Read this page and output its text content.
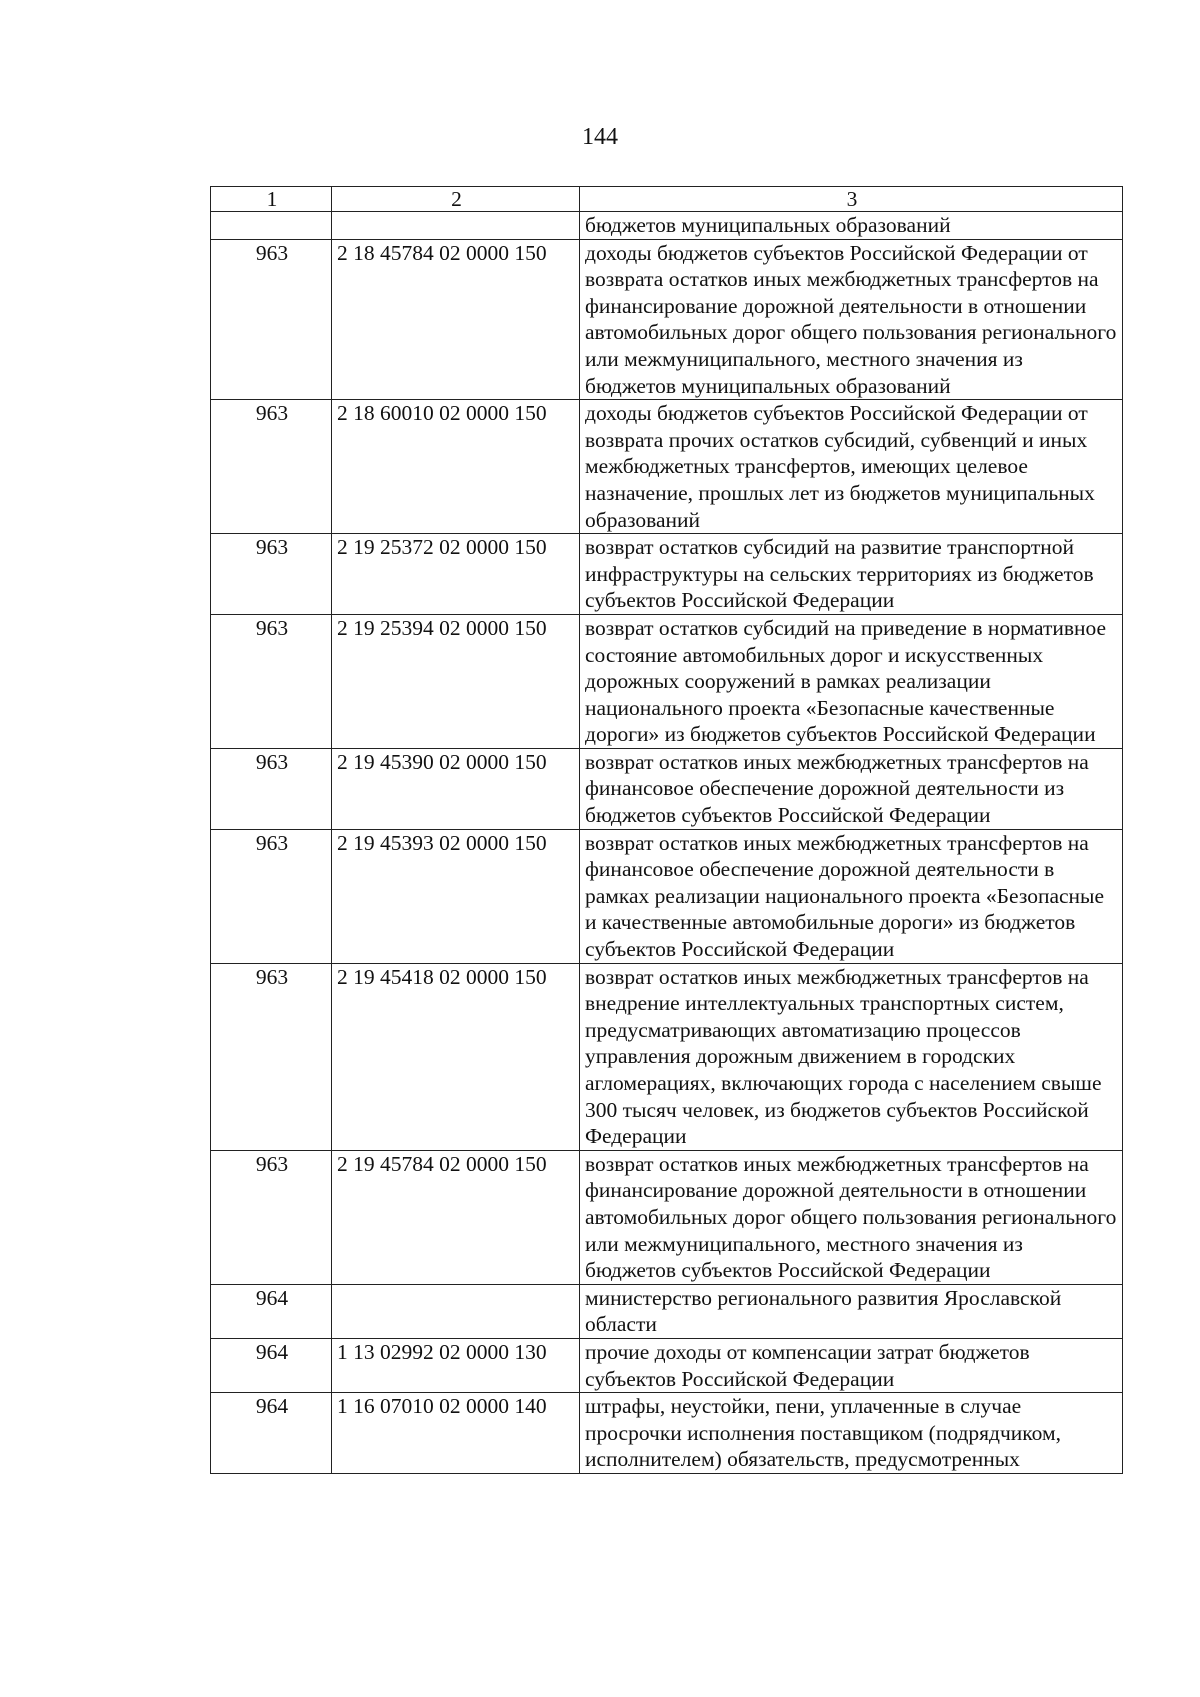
144
1	2	3
		бюджетов муниципальных образований
963	2 18 45784 02 0000 150	доходы бюджетов субъектов Российской Федерации от возврата остатков иных межбюджетных трансфертов на финансирование дорожной деятельности в отношении автомобильных дорог общего пользования регионального или межмуниципального, местного значения из бюджетов муниципальных образований
963	2 18 60010 02 0000 150	доходы бюджетов субъектов Российской Федерации от возврата прочих остатков субсидий, субвенций и иных межбюджетных трансфертов, имеющих целевое назначение, прошлых лет из бюджетов муниципальных образований
963	2 19 25372 02 0000 150	возврат остатков субсидий на развитие транспортной инфраструктуры на сельских территориях из бюджетов субъектов Российской Федерации
963	2 19 25394 02 0000 150	возврат остатков субсидий на приведение в нормативное состояние автомобильных дорог и искусственных дорожных сооружений в рамках реализации национального проекта «Безопасные качественные дороги» из бюджетов субъектов Российской Федерации
963	2 19 45390 02 0000 150	возврат остатков иных межбюджетных трансфертов на финансовое обеспечение дорожной деятельности из бюджетов субъектов Российской Федерации
963	2 19 45393 02 0000 150	возврат остатков иных межбюджетных трансфертов на финансовое обеспечение дорожной деятельности в рамках реализации национального проекта «Безопасные и качественные автомобильные дороги» из бюджетов субъектов Российской Федерации
963	2 19 45418 02 0000 150	возврат остатков иных межбюджетных трансфертов на внедрение интеллектуальных транспортных систем, предусматривающих автоматизацию процессов управления дорожным движением в городских агломерациях, включающих города с населением свыше 300 тысяч человек, из бюджетов субъектов Российской Федерации
963	2 19 45784 02 0000 150	возврат остатков иных межбюджетных трансфертов на финансирование дорожной деятельности в отношении автомобильных дорог общего пользования регионального или межмуниципального, местного значения из бюджетов субъектов Российской Федерации
964		министерство регионального развития Ярославской области
964	1 13 02992 02 0000 130	прочие доходы от компенсации затрат бюджетов субъектов Российской Федерации
964	1 16 07010 02 0000 140	штрафы, неустойки, пени, уплаченные в случае просрочки исполнения поставщиком (подрядчиком, исполнителем) обязательств, предусмотренных
